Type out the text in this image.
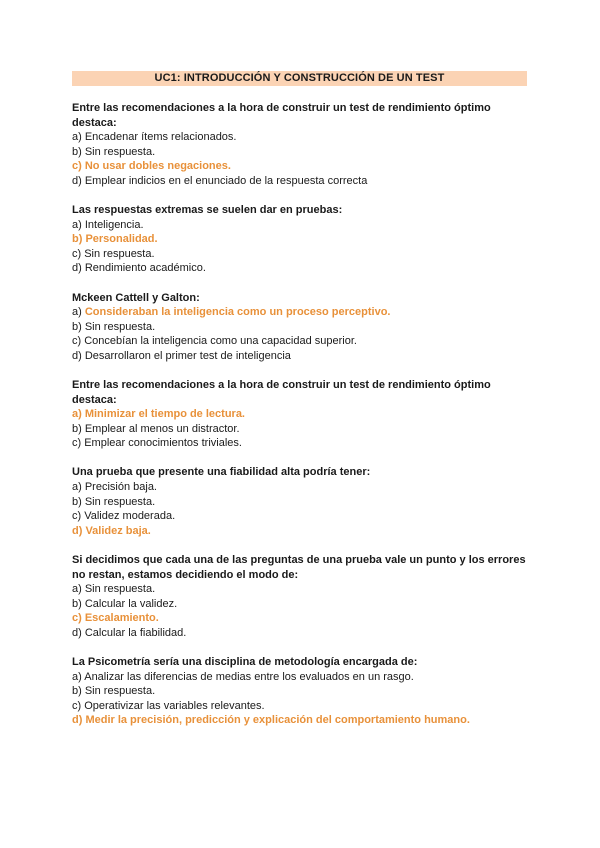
UC1: INTRODUCCIÓN Y CONSTRUCCIÓN DE UN TEST

Entre las recomendaciones a la hora de construir un test de rendimiento óptimo destaca:

a) Encadenar ítems relacionados.

b) Sin respuesta.

c) No usar dobles negaciones.

d) Emplear indicios en el enunciado de la respuesta correcta

Las respuestas extremas se suelen dar en pruebas:

a) Inteligencia.

b) Personalidad.

c) Sin respuesta.

d) Rendimiento académico.

Mckeen Cattell y Galton:

a) Consideraban la inteligencia como un proceso perceptivo.

b) Sin respuesta.

c) Concebían la inteligencia como una capacidad superior.

d) Desarrollaron el primer test de inteligencia

Entre las recomendaciones a la hora de construir un test de rendimiento óptimo destaca:

a) Minimizar el tiempo de lectura.

b) Emplear al menos un distractor.

c) Emplear conocimientos triviales.

Una prueba que presente una fiabilidad alta podría tener:

a) Precisión baja.

b) Sin respuesta.

c) Validez moderada.

d) Validez baja.

Si decidimos que cada una de las preguntas de una prueba vale un punto y los errores no restan, estamos decidiendo el modo de:

a) Sin respuesta.

b) Calcular la validez.

c) Escalamiento.

d) Calcular la fiabilidad.

La Psicometría sería una disciplina de metodología encargada de:

a) Analizar las diferencias de medias entre los evaluados en un rasgo.

b) Sin respuesta.

c) Operativizar las variables relevantes.

d) Medir la precisión, predicción y explicación del comportamiento humano.
